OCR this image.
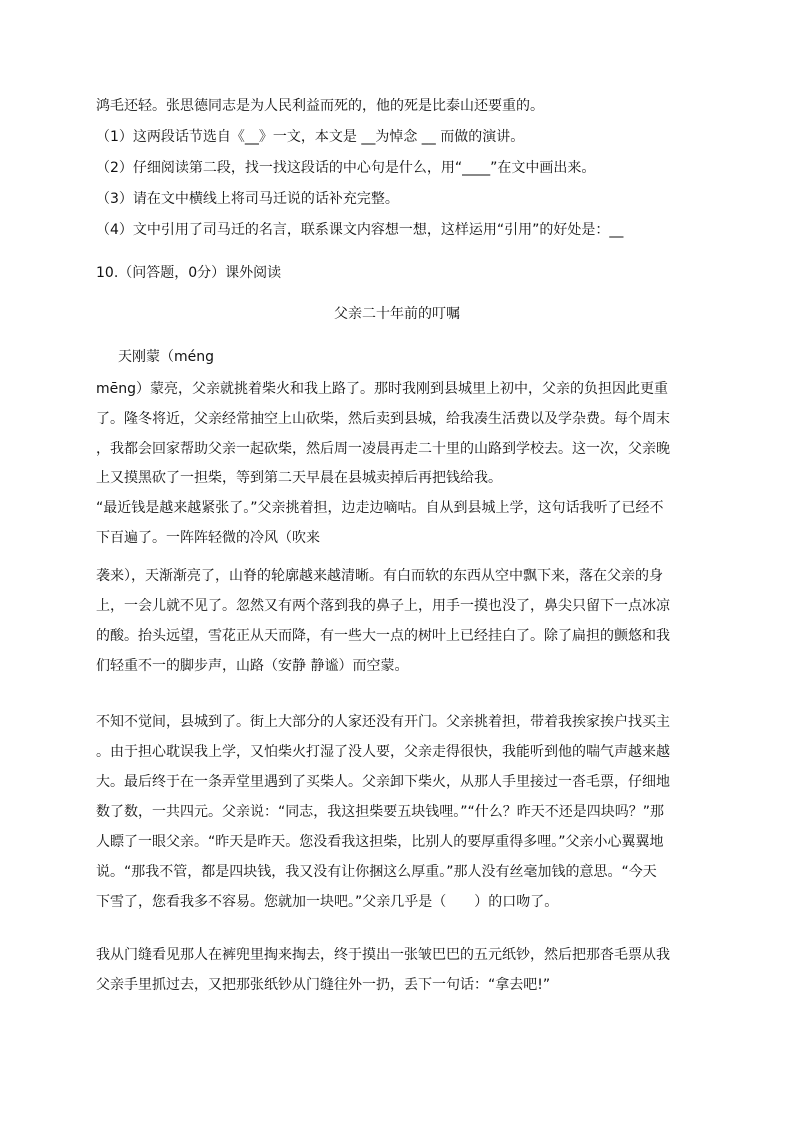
鸿毛还轻。张思德同志是为人民利益而死的，他的死是比泰山还要重的。
（1）这两段话节选自《__》一文，本文是 __为悼念 __ 而做的演讲。
（2）仔细阅读第二段，找一找这段话的中心句是什么，用“____”在文中画出来。
（3）请在文中横线上将司马迁说的话补充完整。
（4）文中引用了司马迁的名言，联系课文内容想一想，这样运用“引用”的好处是：__
10.（问答题，0分）课外阅读
父亲二十年前的叮嘱
天刚蒙（méng
mēng）蒙亮，父亲就挑着柴火和我上路了。那时我刚到县城里上初中，父亲的负担因此更重
了。隆冬将近，父亲经常抽空上山砍柴，然后卖到县城，给我凑生活费以及学杂费。每个周末
，我都会回家帮助父亲一起砍柴，然后周一凌晨再走二十里的山路到学校去。这一次，父亲晚
上又摸黑砍了一担柴，等到第二天早晨在县城卖掉后再把钱给我。
“最近钱是越来越紧张了。”父亲挑着担，边走边嘀咕。自从到县城上学，这句话我听了已经不
下百遍了。一阵阵轻微的冷风（吹来
袭来），天渐渐亮了，山脊的轮廓越来越清晰。有白而软的东西从空中飘下来，落在父亲的身
上，一会儿就不见了。忽然又有两个落到我的鼻子上，用手一摸也没了，鼻尖只留下一点冰凉
的酸。抬头远望，雪花正从天而降，有一些大一点的树叶上已经挂白了。除了扁担的颤悠和我
们轻重不一的脚步声，山路（安静 静谧）而空蒙。
不知不觉间，县城到了。街上大部分的人家还没有开门。父亲挑着担，带着我挨家挨户找买主
。由于担心耽误我上学，又怕柴火打湿了没人要，父亲走得很快，我能听到他的喘气声越来越
大。最后终于在一条弄堂里遇到了买柴人。父亲卸下柴火，从那人手里接过一沓毛票，仔细地
数了数，一共四元。父亲说：“同志，我这担柴要五块钱哩。”“什么？昨天不还是四块吗？”那
人瞟了一眼父亲。“昨天是昨天。您没看我这担柴，比别人的要厚重得多哩。”父亲小心翼翼地
说。“那我不管，都是四块钱，我又没有让你捆这么厚重。”那人没有丝毫加钱的意思。“今天
下雪了，您看我多不容易。您就加一块吧。”父亲几乎是（　　）的口吻了。
我从门缝看见那人在裤兜里掏来掏去，终于摸出一张皱巴巴的五元纸钞，然后把那沓毛票从我
父亲手里抓过去，又把那张纸钞从门缝往外一扔，丢下一句话：“拿去吧!”
